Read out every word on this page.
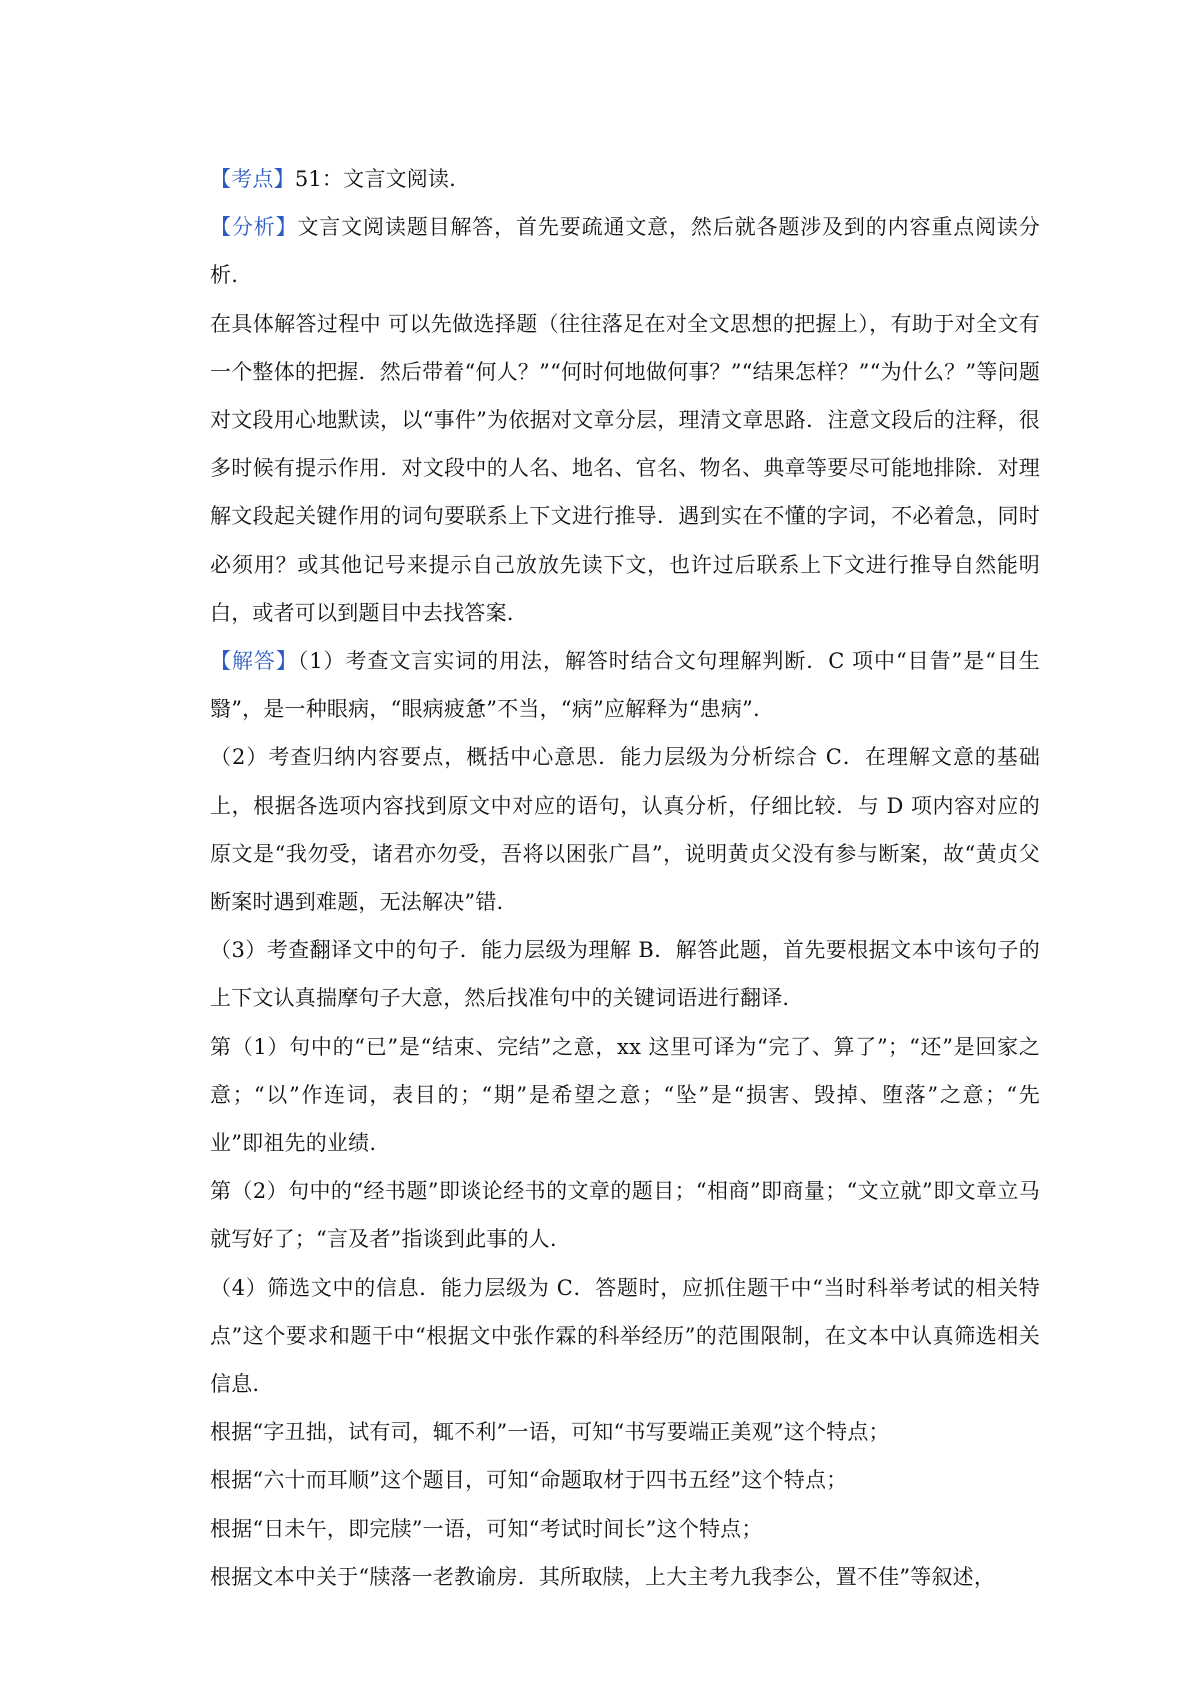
【考点】51：文言文阅读.

【分析】文言文阅读题目解答，首先要疏通文意，然后就各题涉及到的内容重点阅读分析.

在具体解答过程中 可以先做选择题（往往落足在对全文思想的把握上），有助于对全文有一个整体的把握．然后带着“何人？”“何时何地做何事？”“结果怎样？”“为什么？”等问题对文段用心地默读，以“事件”为依据对文章分层，理清文章思路．注意文段后的注释，很多时候有提示作用．对文段中的人名、地名、官名、物名、典章等要尽可能地排除．对理解文段起关键作用的词句要联系上下文进行推导．遇到实在不懂的字词，不必着急，同时必须用？或其他记号来提示自己放放先读下文，也许过后联系上下文进行推导自然能明白，或者可以到题目中去找答案.

【解答】（1）考查文言实词的用法，解答时结合文句理解判断．C 项中“目眚”是“目生翳”，是一种眼病，“眼病疲惫”不当，“病”应解释为“患病”.

（2）考查归纳内容要点，概括中心意思．能力层级为分析综合 C．在理解文意的基础上，根据各选项内容找到原文中对应的语句，认真分析，仔细比较．与 D 项内容对应的原文是“我勿受，诸君亦勿受，吾将以困张广昌”，说明黄贞父没有参与断案，故“黄贞父断案时遇到难题，无法解决”错.

（3）考查翻译文中的句子．能力层级为理解 B．解答此题，首先要根据文本中该句子的上下文认真揣摩句子大意，然后找准句中的关键词语进行翻译.

第（1）句中的“已”是“结束、完结”之意，xx 这里可译为“完了、算了”；“还”是回家之意；“以”作连词，表目的；“期”是希望之意；“坠”是“损害、毁掉、堕落”之意；“先业”即祖先的业绩.

第（2）句中的“经书题”即谈论经书的文章的题目；“相商”即商量；“文立就”即文章立马就写好了；“言及者”指谈到此事的人.

（4）筛选文中的信息．能力层级为 C．答题时，应抓住题干中“当时科举考试的相关特点”这个要求和题干中“根据文中张作霖的科举经历”的范围限制，在文本中认真筛选相关信息.

根据“字丑拙，试有司，辄不利”一语，可知“书写要端正美观”这个特点；

根据“六十而耳顺”这个题目，可知“命题取材于四书五经”这个特点；

根据“日未午，即完牍”一语，可知“考试时间长”这个特点；

根据文本中关于“牍落一老教谕房．其所取牍，上大主考九我李公，置不佳”等叙述，
